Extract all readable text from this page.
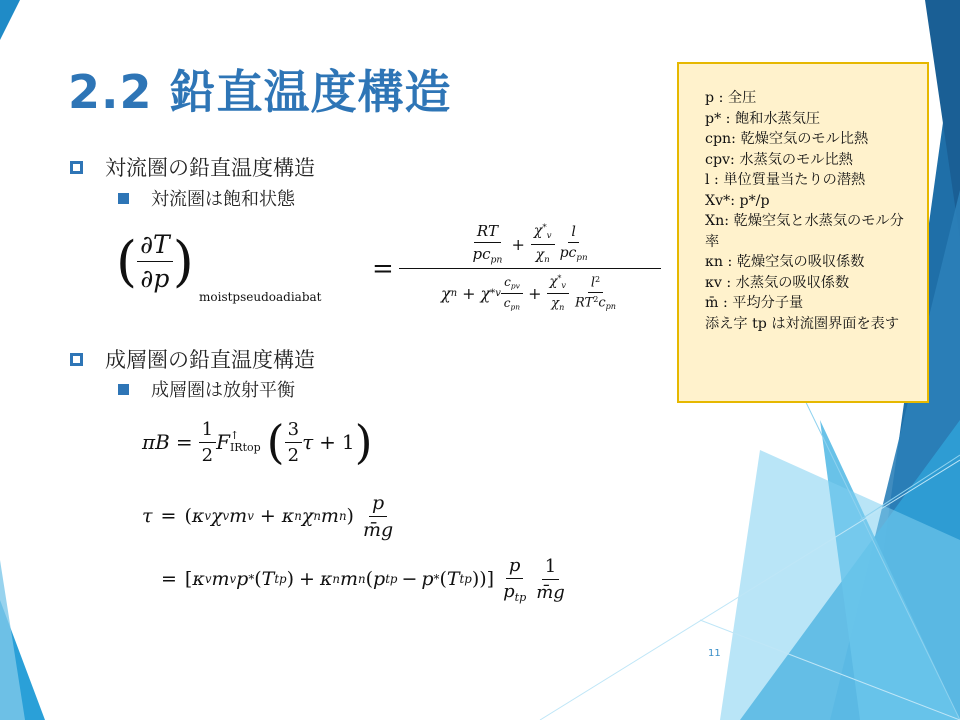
2.2 鉛直温度構造
対流圏の鉛直温度構造
対流圏は飽和状態
( $\frac{\partial T}{\partial p}$ )
moistpseudoadiabat
=
$\frac{RT}{pc_{pn}} + \frac{\chi^*_v}{\chi_n} \frac{l}{pc_{pn}}$
χ n + χ * v $\frac{c_{pv}}{c_{pn}} + \frac{\chi^*_v}{\chi_n} \frac{l^2}{RT^2c_{pn}}$
成層圏の鉛直温度構造
成層圏は放射平衡
$\pi B = \frac{1}{2}$ F ↑
IRtop ( $\frac{3}{2}$ τ + 1 )
τ = ( κ v χ v m v + κ n χ n m n ) $\frac{p}{m̄g}$
= [ κ v m v p * ( T tp ) + κ n m n ( p tp − p * ( T tp ))] $\frac{p}{p_{tp}} \frac{1}{m̄g}$
p : 全圧
p* : 飽和水蒸気圧
cpn: 乾燥空気のモル比熱
cpv: 水蒸気のモル比熱
l : 単位質量当たりの潜熱
Xv*: p*/p
Xn: 乾燥空気と水蒸気のモル分率
κn : 乾燥空気の吸収係数
κv : 水蒸気の吸収係数
m̄ : 平均分子量
添え字 tp は対流圏界面を表す
11
